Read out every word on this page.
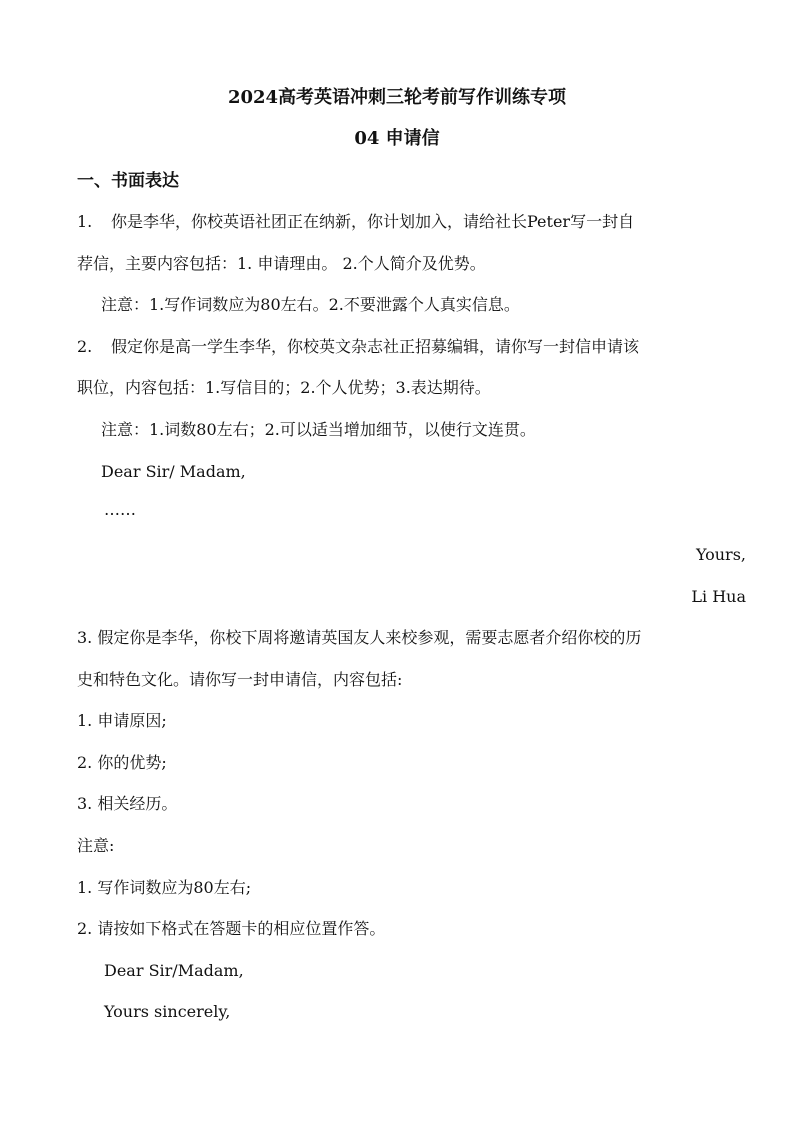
2024高考英语冲刺三轮考前写作训练专项
04 申请信
一、书面表达
1. 你是李华，你校英语社团正在纳新，你计划加入，请给社长Peter写一封自
荐信，主要内容包括：1. 申请理由。 2.个人简介及优势。
注意：1.写作词数应为80左右。2.不要泄露个人真实信息。
2. 假定你是高一学生李华，你校英文杂志社正招募编辑，请你写一封信申请该
职位，内容包括：1.写信目的；2.个人优势；3.表达期待。
注意：1.词数80左右；2.可以适当增加细节，以使行文连贯。
Dear Sir/ Madam,
……
Yours,
Li Hua
3. 假定你是李华，你校下周将邀请英国友人来校参观，需要志愿者介绍你校的历
史和特色文化。请你写一封申请信，内容包括:
1. 申请原因;
2. 你的优势;
3. 相关经历。
注意:
1. 写作词数应为80左右;
2. 请按如下格式在答题卡的相应位置作答。
Dear Sir/Madam,
Yours sincerely,
